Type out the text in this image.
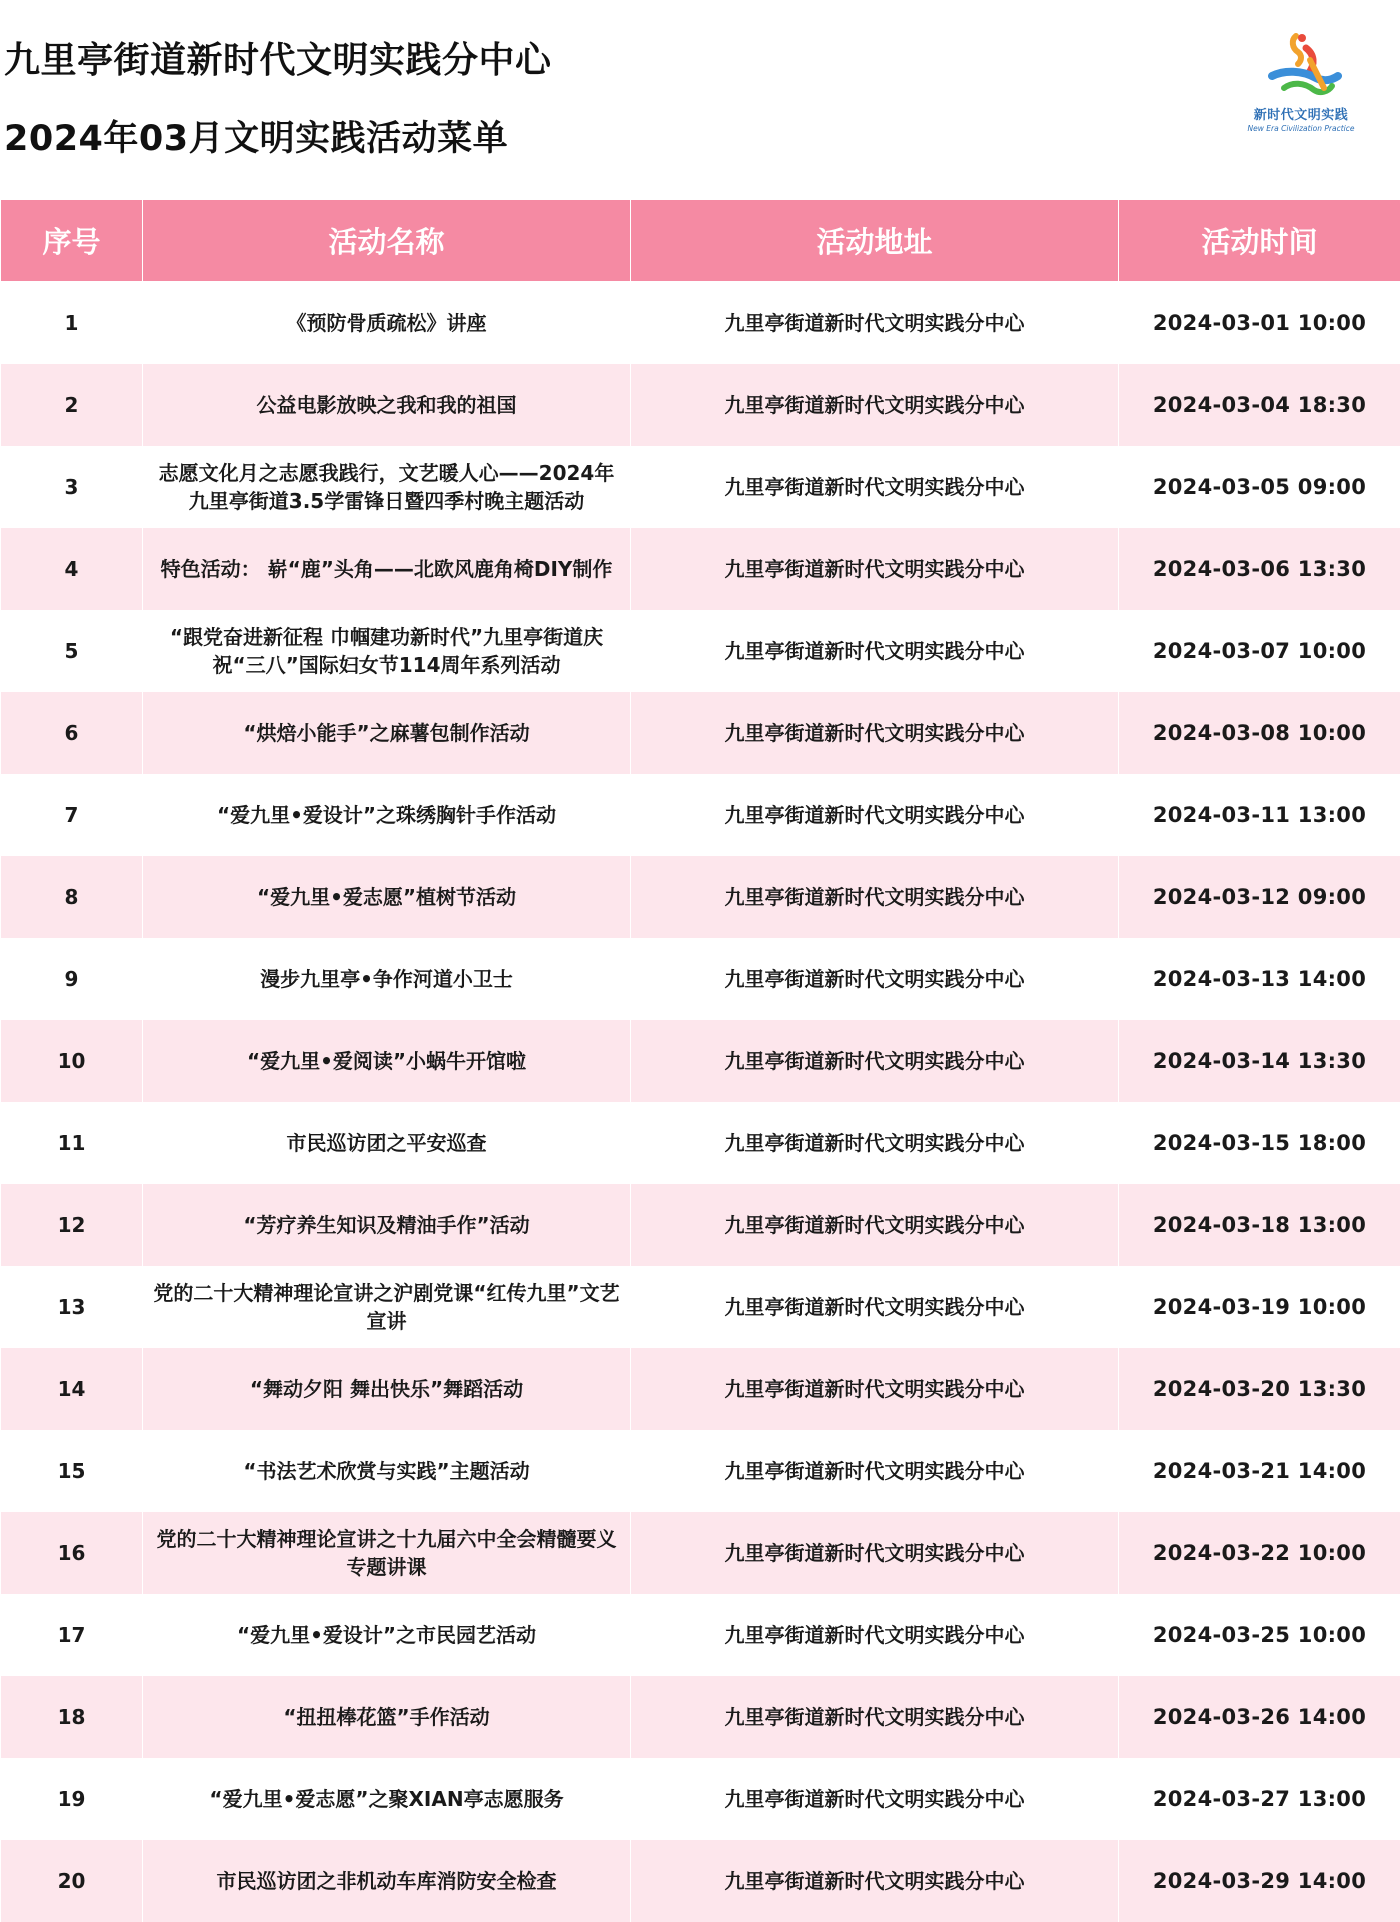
九里亭街道新时代文明实践分中心
2024年03月文明实践活动菜单
新时代文明实践
New Era Civilization Practice
序号	活动名称	活动地址	活动时间
1	《预防骨质疏松》讲座	九里亭街道新时代文明实践分中心	2024-03-01 10:00
2	公益电影放映之我和我的祖国	九里亭街道新时代文明实践分中心	2024-03-04 18:30
3	志愿文化月之志愿我践行，文艺暖人心——2024年九里亭街道3.5学雷锋日暨四季村晚主题活动	九里亭街道新时代文明实践分中心	2024-03-05 09:00
4	特色活动： 崭“鹿”头角——北欧风鹿角椅DIY制作	九里亭街道新时代文明实践分中心	2024-03-06 13:30
5	“跟党奋进新征程 巾帼建功新时代”九里亭街道庆祝“三八”国际妇女节114周年系列活动	九里亭街道新时代文明实践分中心	2024-03-07 10:00
6	“烘焙小能手”之麻薯包制作活动	九里亭街道新时代文明实践分中心	2024-03-08 10:00
7	“爱九里•爱设计”之珠绣胸针手作活动	九里亭街道新时代文明实践分中心	2024-03-11 13:00
8	“爱九里•爱志愿”植树节活动	九里亭街道新时代文明实践分中心	2024-03-12 09:00
9	漫步九里亭•争作河道小卫士	九里亭街道新时代文明实践分中心	2024-03-13 14:00
10	“爱九里•爱阅读”小蜗牛开馆啦	九里亭街道新时代文明实践分中心	2024-03-14 13:30
11	市民巡访团之平安巡查	九里亭街道新时代文明实践分中心	2024-03-15 18:00
12	“芳疗养生知识及精油手作”活动	九里亭街道新时代文明实践分中心	2024-03-18 13:00
13	党的二十大精神理论宣讲之沪剧党课“红传九里”文艺宣讲	九里亭街道新时代文明实践分中心	2024-03-19 10:00
14	“舞动夕阳 舞出快乐”舞蹈活动	九里亭街道新时代文明实践分中心	2024-03-20 13:30
15	“书法艺术欣赏与实践”主题活动	九里亭街道新时代文明实践分中心	2024-03-21 14:00
16	党的二十大精神理论宣讲之十九届六中全会精髓要义专题讲课	九里亭街道新时代文明实践分中心	2024-03-22 10:00
17	“爱九里•爱设计”之市民园艺活动	九里亭街道新时代文明实践分中心	2024-03-25 10:00
18	“扭扭棒花篮”手作活动	九里亭街道新时代文明实践分中心	2024-03-26 14:00
19	“爱九里•爱志愿”之聚XIAN亭志愿服务	九里亭街道新时代文明实践分中心	2024-03-27 13:00
20	市民巡访团之非机动车库消防安全检查	九里亭街道新时代文明实践分中心	2024-03-29 14:00
